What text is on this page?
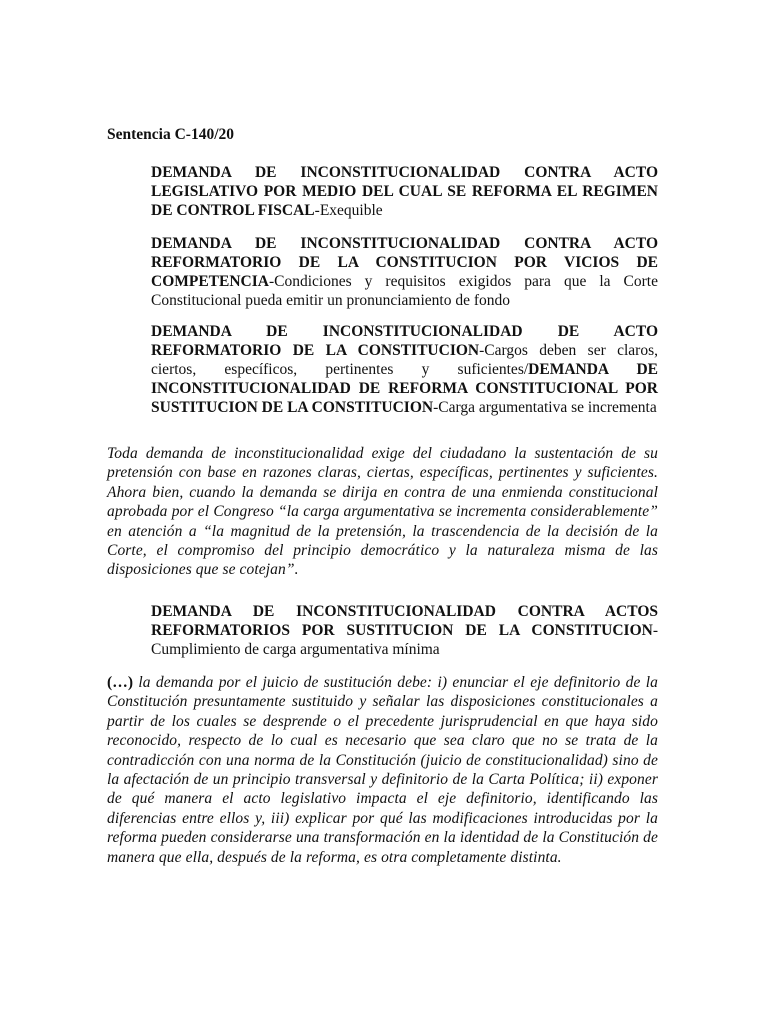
Sentencia C-140/20
DEMANDA DE INCONSTITUCIONALIDAD CONTRA ACTO LEGISLATIVO POR MEDIO DEL CUAL SE REFORMA EL REGIMEN DE CONTROL FISCAL-Exequible
DEMANDA DE INCONSTITUCIONALIDAD CONTRA ACTO REFORMATORIO DE LA CONSTITUCION POR VICIOS DE COMPETENCIA-Condiciones y requisitos exigidos para que la Corte Constitucional pueda emitir un pronunciamiento de fondo
DEMANDA DE INCONSTITUCIONALIDAD DE ACTO REFORMATORIO DE LA CONSTITUCION-Cargos deben ser claros, ciertos, específicos, pertinentes y suficientes/DEMANDA DE INCONSTITUCIONALIDAD DE REFORMA CONSTITUCIONAL POR SUSTITUCION DE LA CONSTITUCION-Carga argumentativa se incrementa
Toda demanda de inconstitucionalidad exige del ciudadano la sustentación de su pretensión con base en razones claras, ciertas, específicas, pertinentes y suficientes. Ahora bien, cuando la demanda se dirija en contra de una enmienda constitucional aprobada por el Congreso “la carga argumentativa se incrementa considerablemente” en atención a “la magnitud de la pretensión, la trascendencia de la decisión de la Corte, el compromiso del principio democrático y la naturaleza misma de las disposiciones que se cotejan”.
DEMANDA DE INCONSTITUCIONALIDAD CONTRA ACTOS REFORMATORIOS POR SUSTITUCION DE LA CONSTITUCION-Cumplimiento de carga argumentativa mínima
(…) la demanda por el juicio de sustitución debe: i) enunciar el eje definitorio de la Constitución presuntamente sustituido y señalar las disposiciones constitucionales a partir de los cuales se desprende o el precedente jurisprudencial en que haya sido reconocido, respecto de lo cual es necesario que sea claro que no se trata de la contradicción con una norma de la Constitución (juicio de constitucionalidad) sino de la afectación de un principio transversal y definitorio de la Carta Política; ii) exponer de qué manera el acto legislativo impacta el eje definitorio, identificando las diferencias entre ellos y, iii) explicar por qué las modificaciones introducidas por la reforma pueden considerarse una transformación en la identidad de la Constitución de manera que ella, después de la reforma, es otra completamente distinta.
